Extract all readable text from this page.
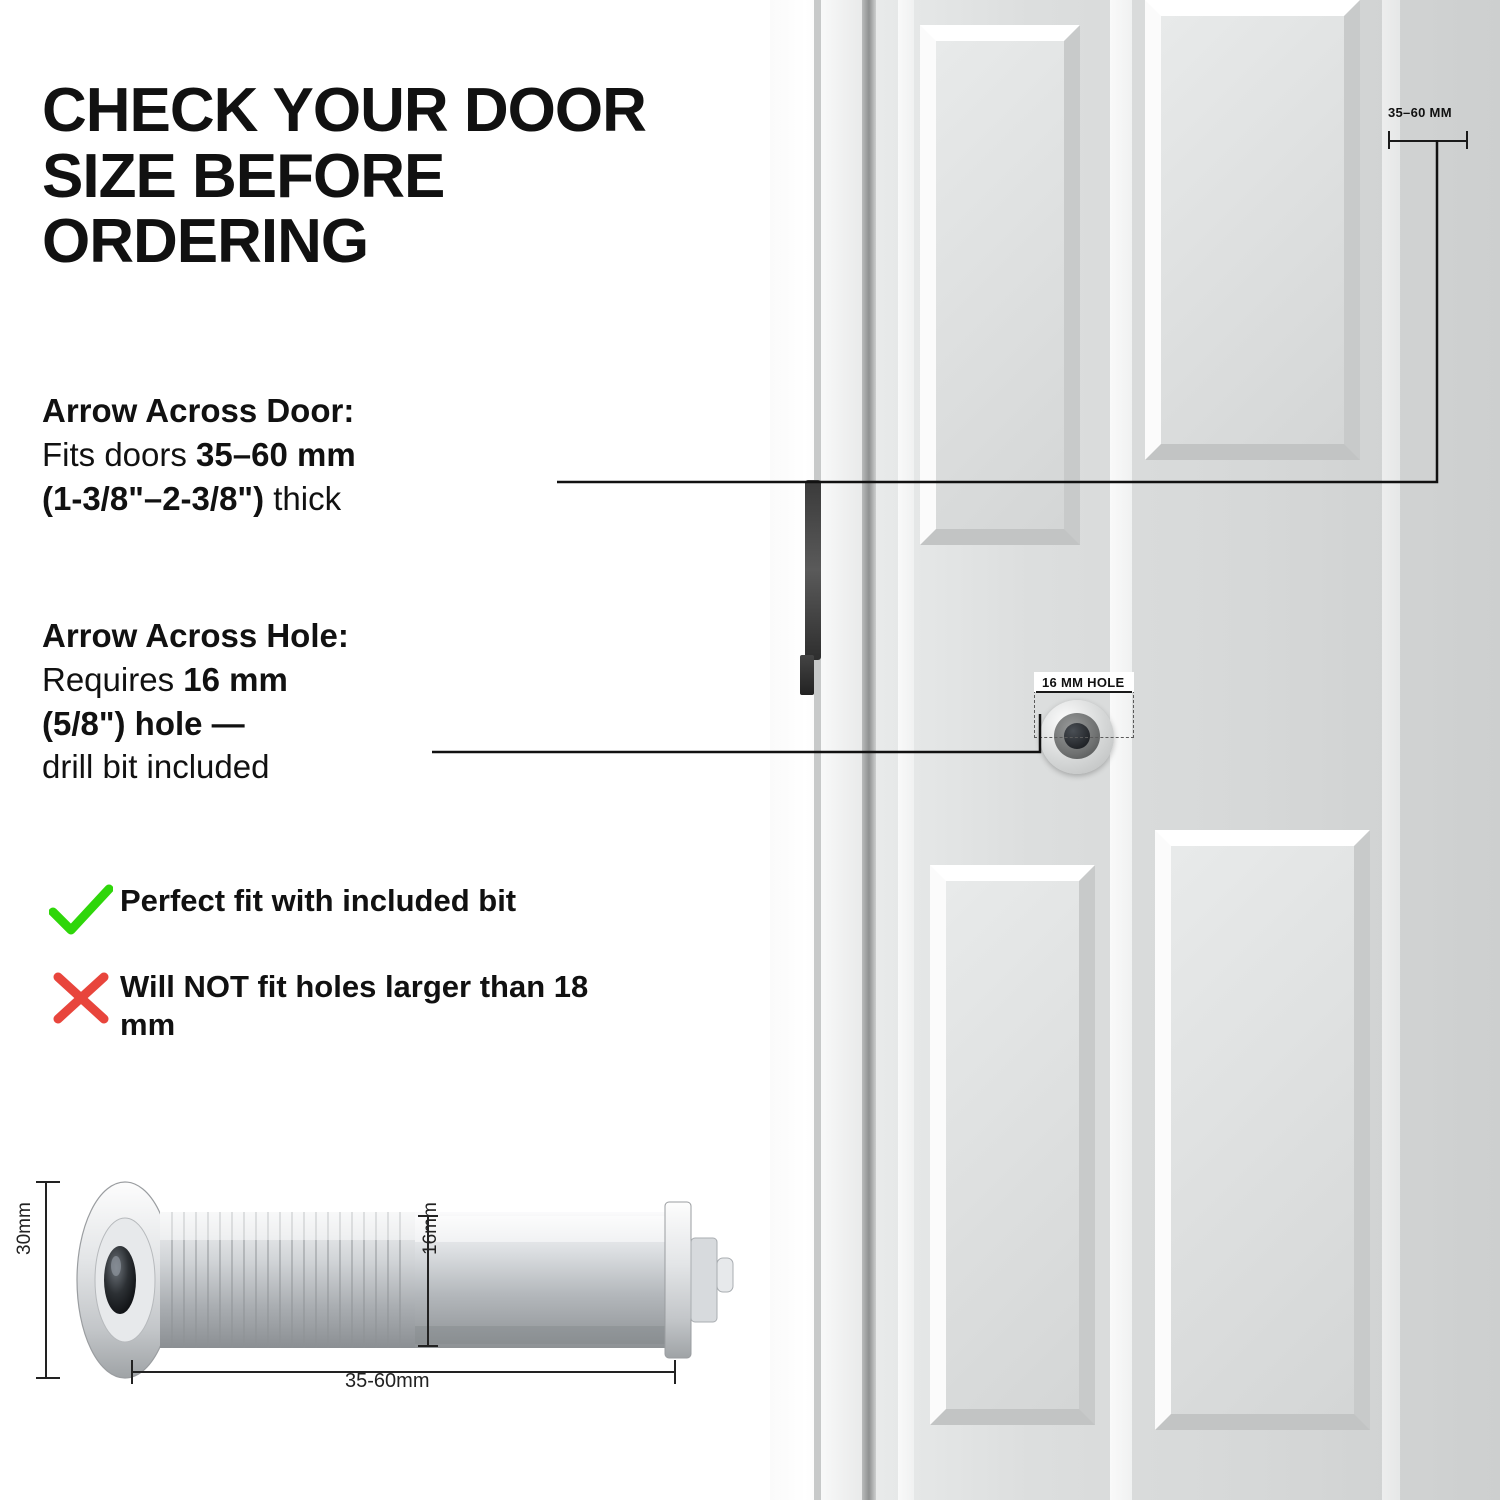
CHECK YOUR DOOR SIZE BEFORE ORDERING
Arrow Across Door:
Fits doors 35–60 mm
(1-3/8"–2-3/8") thick
Arrow Across Hole:
Requires 16 mm
(5/8") hole —
drill bit included
Perfect fit with included bit
Will NOT fit holes larger than 18 mm
30mm	16mm
35-60mm
16 MM HOLE
35–60 MM
